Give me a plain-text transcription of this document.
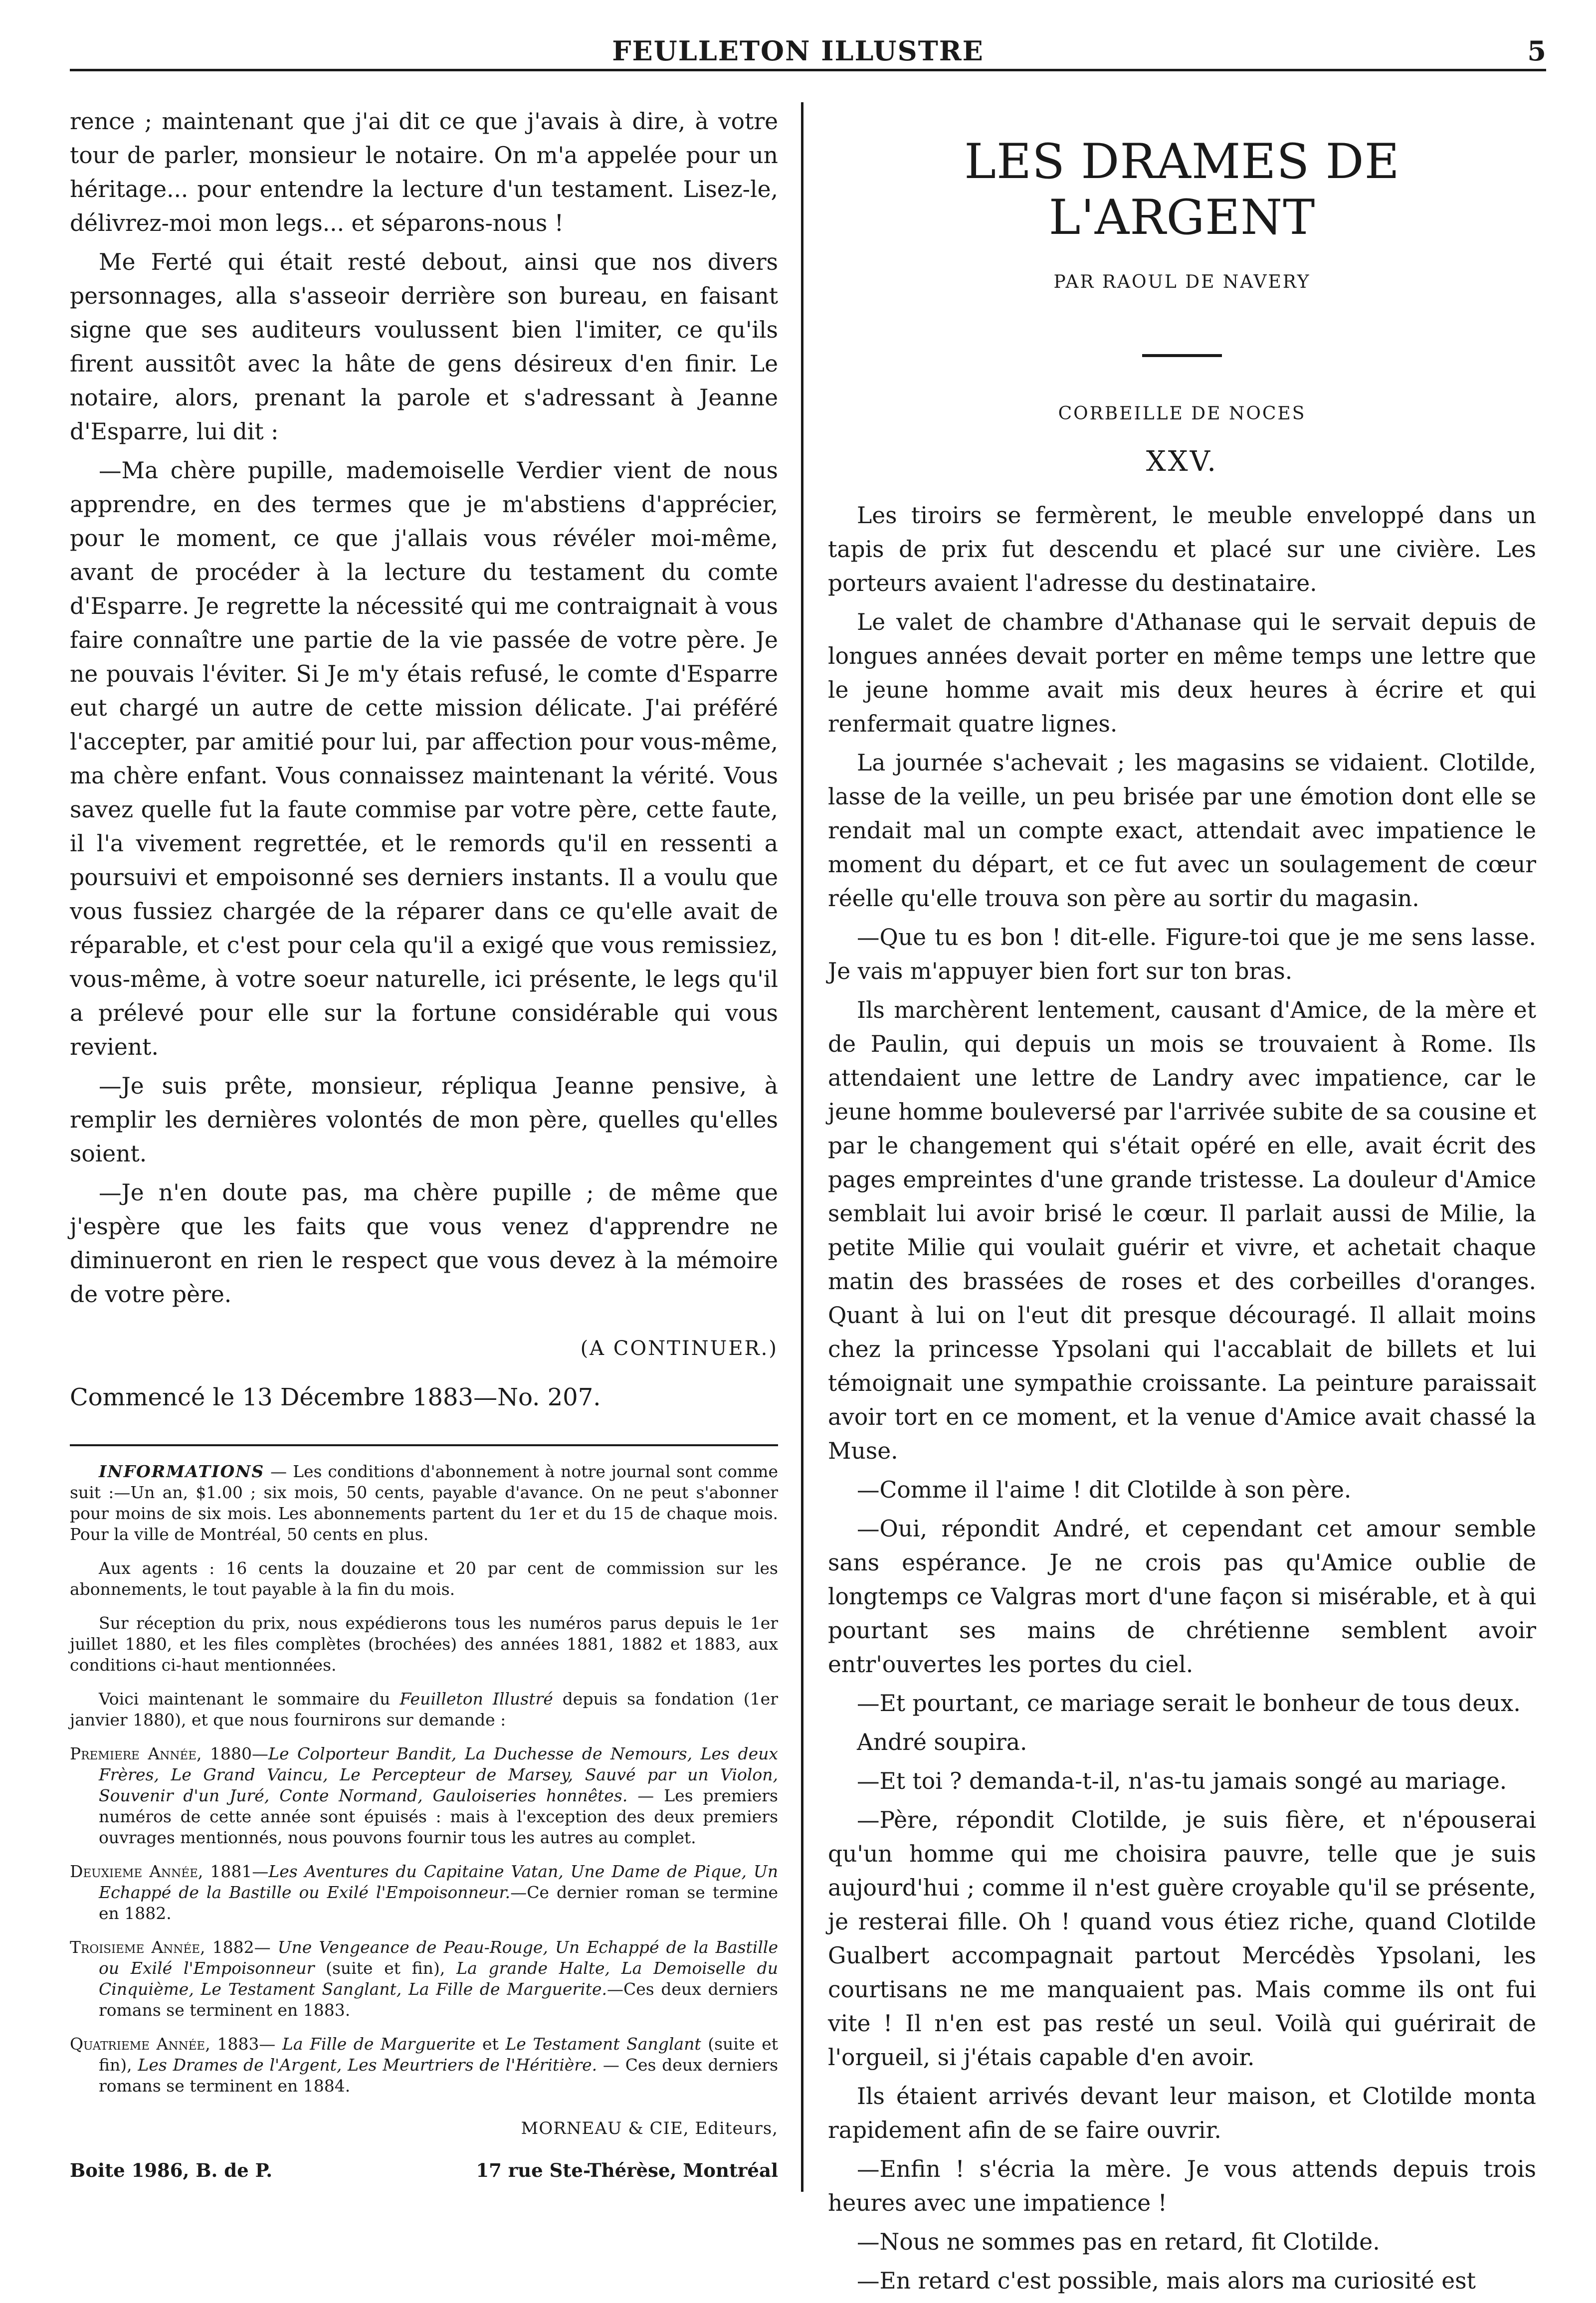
FEULLETON ILLUSTRE	5

rence ; maintenant que j'ai dit ce que j'avais à dire, à votre tour de parler, monsieur le notaire. On m'a appelée pour un héritage... pour entendre la lecture d'un testament. Lisez-le, délivrez-moi mon legs... et séparons-nous !

Me Ferté qui était resté debout, ainsi que nos divers personnages, alla s'asseoir derrière son bureau, en faisant signe que ses auditeurs voulussent bien l'imiter, ce qu'ils firent aussitôt avec la hâte de gens désireux d'en finir. Le notaire, alors, prenant la parole et s'adressant à Jeanne d'Esparre, lui dit :

—Ma chère pupille, mademoiselle Verdier vient de nous apprendre, en des termes que je m'abstiens d'apprécier, pour le moment, ce que j'allais vous révéler moi-même, avant de procéder à la lecture du testament du comte d'Esparre. Je regrette la nécessité qui me contraignait à vous faire connaître une partie de la vie passée de votre père. Je ne pouvais l'éviter. Si Je m'y étais refusé, le comte d'Esparre eut chargé un autre de cette mission délicate. J'ai préféré l'accepter, par amitié pour lui, par affection pour vous-même, ma chère enfant. Vous connaissez maintenant la vérité. Vous savez quelle fut la faute commise par votre père, cette faute, il l'a vivement regrettée, et le remords qu'il en ressenti a poursuivi et empoisonné ses derniers instants. Il a voulu que vous fussiez chargée de la réparer dans ce qu'elle avait de réparable, et c'est pour cela qu'il a exigé que vous remissiez, vous-même, à votre soeur naturelle, ici présente, le legs qu'il a prélevé pour elle sur la fortune considérable qui vous revient.

—Je suis prête, monsieur, répliqua Jeanne pensive, à remplir les dernières volontés de mon père, quelles qu'elles soient.

—Je n'en doute pas, ma chère pupille ; de même que j'espère que les faits que vous venez d'apprendre ne diminueront en rien le respect que vous devez à la mémoire de votre père.

(A CONTINUER.)
Commencé le 13 Décembre 1883—No. 207.

INFORMATIONS — Les conditions d'abonnement à notre journal sont comme suit :—Un an, $1.00 ; six mois, 50 cents, payable d'avance. On ne peut s'abonner pour moins de six mois. Les abonnements partent du 1er et du 15 de chaque mois. Pour la ville de Montréal, 50 cents en plus.

Aux agents : 16 cents la douzaine et 20 par cent de commission sur les abonnements, le tout payable à la fin du mois.

Sur réception du prix, nous expédierons tous les numéros parus depuis le 1er juillet 1880, et les files complètes (brochées) des années 1881, 1882 et 1883, aux conditions ci-haut mentionnées.

Voici maintenant le sommaire du Feuilleton Illustré depuis sa fondation (1er janvier 1880), et que nous fournirons sur demande :

Premiere Année, 1880—Le Colporteur Bandit, La Duchesse de Nemours, Les deux Frères, Le Grand Vaincu, Le Percepteur de Marsey, Sauvé par un Violon, Souvenir d'un Juré, Conte Normand, Gauloiseries honnêtes. — Les premiers numéros de cette année sont épuisés : mais à l'exception des deux premiers ouvrages mentionnés, nous pouvons fournir tous les autres au complet.

Deuxieme Année, 1881—Les Aventures du Capitaine Vatan, Une Dame de Pique, Un Echappé de la Bastille ou Exilé l'Empoisonneur.—Ce dernier roman se termine en 1882.

Troisieme Année, 1882— Une Vengeance de Peau-Rouge, Un Echappé de la Bastille ou Exilé l'Empoisonneur (suite et fin), La grande Halte, La Demoiselle du Cinquième, Le Testament Sanglant, La Fille de Marguerite.—Ces deux derniers romans se terminent en 1883.

Quatrieme Année, 1883— La Fille de Marguerite et Le Testament Sanglant (suite et fin), Les Drames de l'Argent, Les Meurtriers de l'Héritière. — Ces deux derniers romans se terminent en 1884.

MORNEAU & CIE, Editeurs,
Boite 1986, B. de P.	17 rue Ste-Thérèse, Montréal
LES DRAMES DE L'ARGENT
PAR RAOUL DE NAVERY
CORBEILLE DE NOCES
XXV.

Les tiroirs se fermèrent, le meuble enveloppé dans un tapis de prix fut descendu et placé sur une civière. Les porteurs avaient l'adresse du destinataire.

Le valet de chambre d'Athanase qui le servait depuis de longues années devait porter en même temps une lettre que le jeune homme avait mis deux heures à écrire et qui renfermait quatre lignes.

La journée s'achevait ; les magasins se vidaient. Clotilde, lasse de la veille, un peu brisée par une émotion dont elle se rendait mal un compte exact, attendait avec impatience le moment du départ, et ce fut avec un soulagement de cœur réelle qu'elle trouva son père au sortir du magasin.

—Que tu es bon ! dit-elle. Figure-toi que je me sens lasse. Je vais m'appuyer bien fort sur ton bras.

Ils marchèrent lentement, causant d'Amice, de la mère et de Paulin, qui depuis un mois se trouvaient à Rome. Ils attendaient une lettre de Landry avec impatience, car le jeune homme bouleversé par l'arrivée subite de sa cousine et par le changement qui s'était opéré en elle, avait écrit des pages empreintes d'une grande tristesse. La douleur d'Amice semblait lui avoir brisé le cœur. Il parlait aussi de Milie, la petite Milie qui voulait guérir et vivre, et achetait chaque matin des brassées de roses et des corbeilles d'oranges. Quant à lui on l'eut dit presque découragé. Il allait moins chez la princesse Ypsolani qui l'accablait de billets et lui témoignait une sympathie croissante. La peinture paraissait avoir tort en ce moment, et la venue d'Amice avait chassé la Muse.

—Comme il l'aime ! dit Clotilde à son père.

—Oui, répondit André, et cependant cet amour semble sans espérance. Je ne crois pas qu'Amice oublie de longtemps ce Valgras mort d'une façon si misérable, et à qui pourtant ses mains de chrétienne semblent avoir entr'ouvertes les portes du ciel.

—Et pourtant, ce mariage serait le bonheur de tous deux.

André soupira.

—Et toi ? demanda-t-il, n'as-tu jamais songé au mariage.

—Père, répondit Clotilde, je suis fière, et n'épouserai qu'un homme qui me choisira pauvre, telle que je suis aujourd'hui ; comme il n'est guère croyable qu'il se présente, je resterai fille. Oh ! quand vous étiez riche, quand Clotilde Gualbert accompagnait partout Mercédès Ypsolani, les courtisans ne me manquaient pas. Mais comme ils ont fui vite ! Il n'en est pas resté un seul. Voilà qui guérirait de l'orgueil, si j'étais capable d'en avoir.

Ils étaient arrivés devant leur maison, et Clotilde monta rapidement afin de se faire ouvrir.

—Enfin ! s'écria la mère. Je vous attends depuis trois heures avec une impatience !

—Nous ne sommes pas en retard, fit Clotilde.

—En retard c'est possible, mais alors ma curiosité est
